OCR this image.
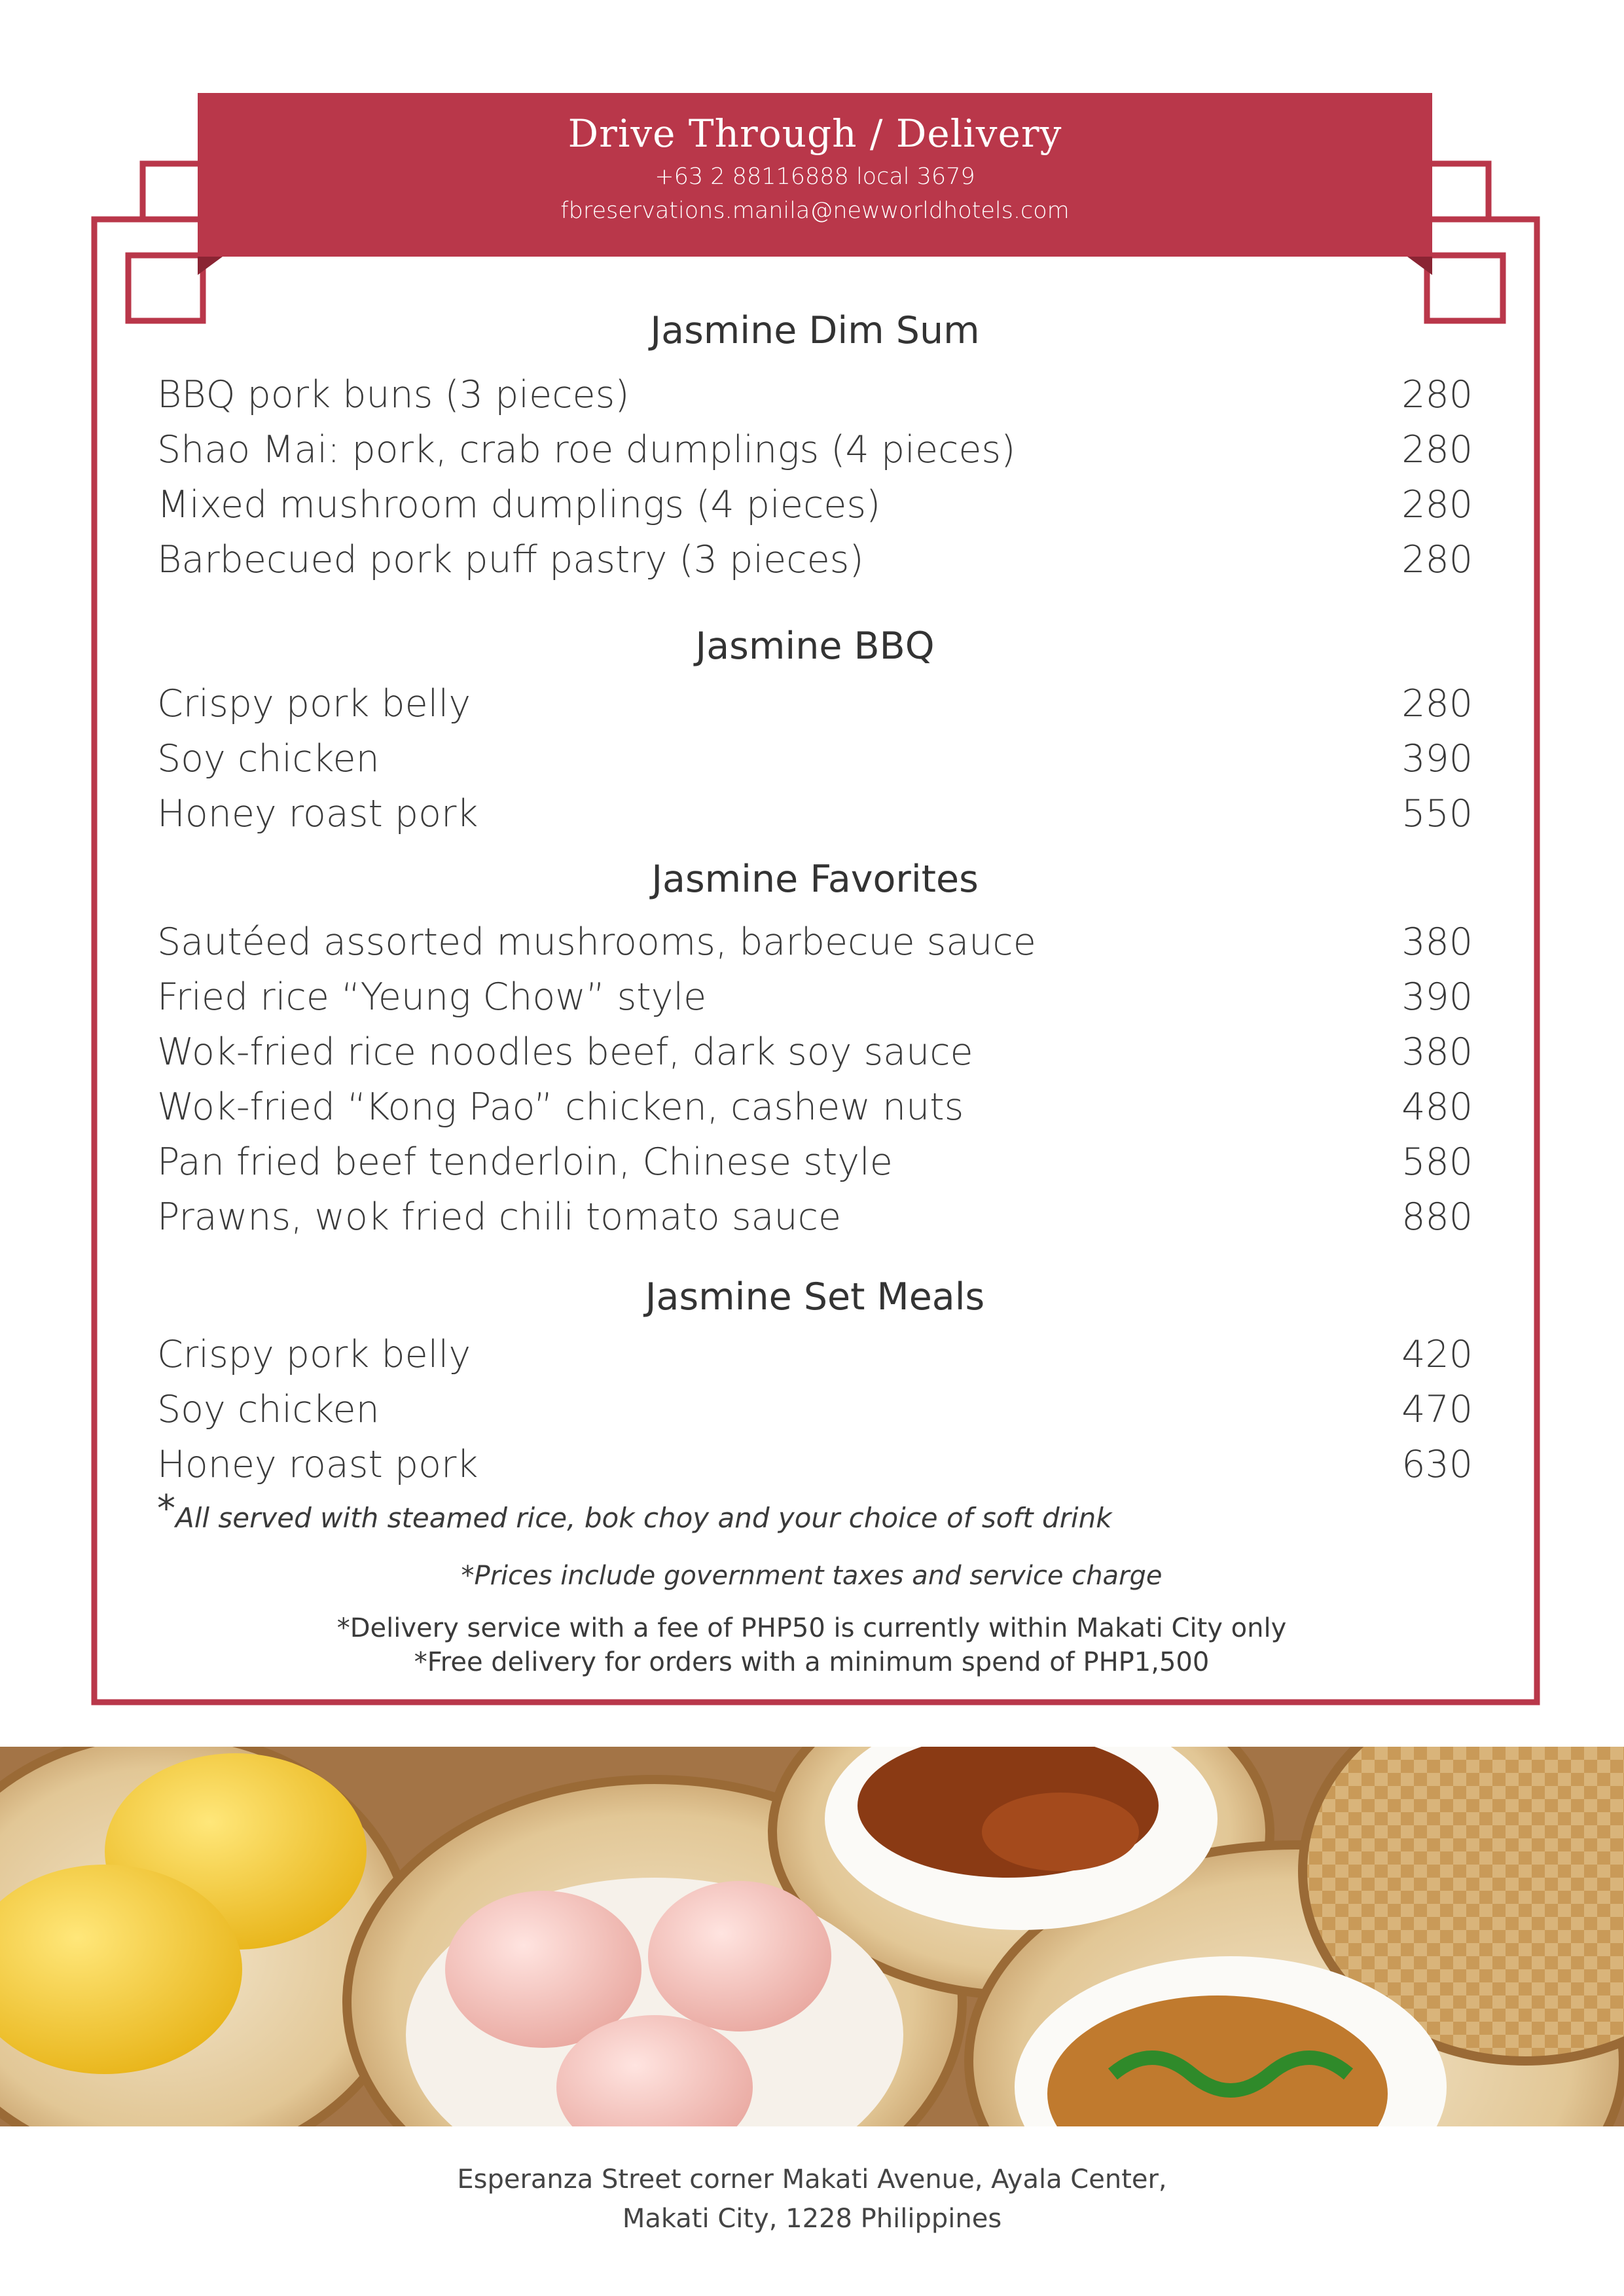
Drive Through / Delivery
+63 2 88116888 local 3679
fbreservations.manila@newworldhotels.com
Jasmine Dim Sum
BBQ pork buns (3 pieces)	280
Shao Mai: pork, crab roe dumplings (4 pieces)	280
Mixed mushroom dumplings (4 pieces)	280
Barbecued pork puff pastry (3 pieces)	280
Jasmine BBQ
Crispy pork belly	280
Soy chicken	390
Honey roast pork	550
Jasmine Favorites
Sautéed assorted mushrooms, barbecue sauce	380
Fried rice “Yeung Chow” style	390
Wok-fried rice noodles beef, dark soy sauce	380
Wok-fried “Kong Pao” chicken, cashew nuts	480
Pan fried beef tenderloin, Chinese style	580
Prawns, wok fried chili tomato sauce	880
Jasmine Set Meals
Crispy pork belly	420
Soy chicken	470
Honey roast pork	630
*All served with steamed rice, bok choy and your choice of soft drink
*Prices include government taxes and service charge
*Delivery service with a fee of PHP50 is currently within Makati City only
*Free delivery for orders with a minimum spend of PHP1,500
Esperanza Street corner Makati Avenue, Ayala Center,
Makati City, 1228 Philippines
